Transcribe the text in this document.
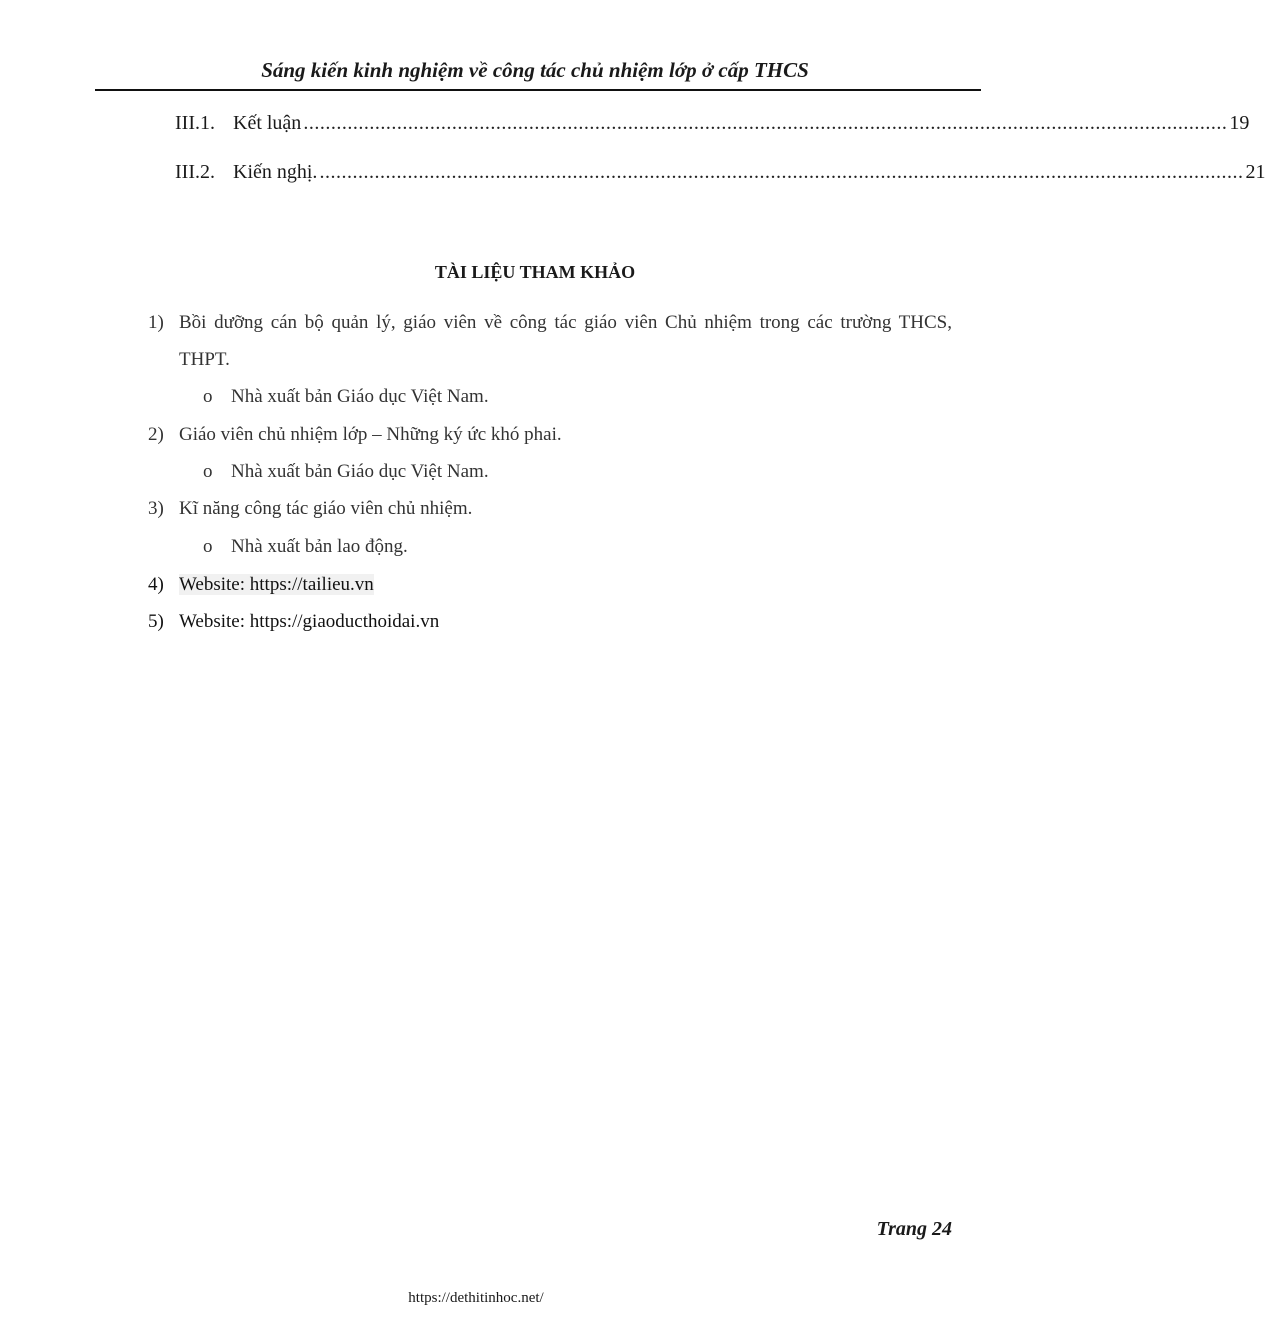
Sáng kiến kinh nghiệm về công tác chủ nhiệm lớp ở cấp THCS
III.1. Kết luận ........................................................................................................................................................................ 19
III.2. Kiến nghị. ........................................................................................................................................................................ 21
TÀI LIỆU THAM KHẢO
1) Bồi dưỡng cán bộ quản lý, giáo viên về công tác giáo viên Chủ nhiệm trong các trường THCS, THPT.
o Nhà xuất bản Giáo dục Việt Nam.
2) Giáo viên chủ nhiệm lớp – Những ký ức khó phai.
o Nhà xuất bản Giáo dục Việt Nam.
3) Kĩ năng công tác giáo viên chủ nhiệm.
o Nhà xuất bản lao động.
4) Website: https://tailieu.vn
5) Website: https://giaoducthoidai.vn
Trang 24
https://dethitinhoc.net/
